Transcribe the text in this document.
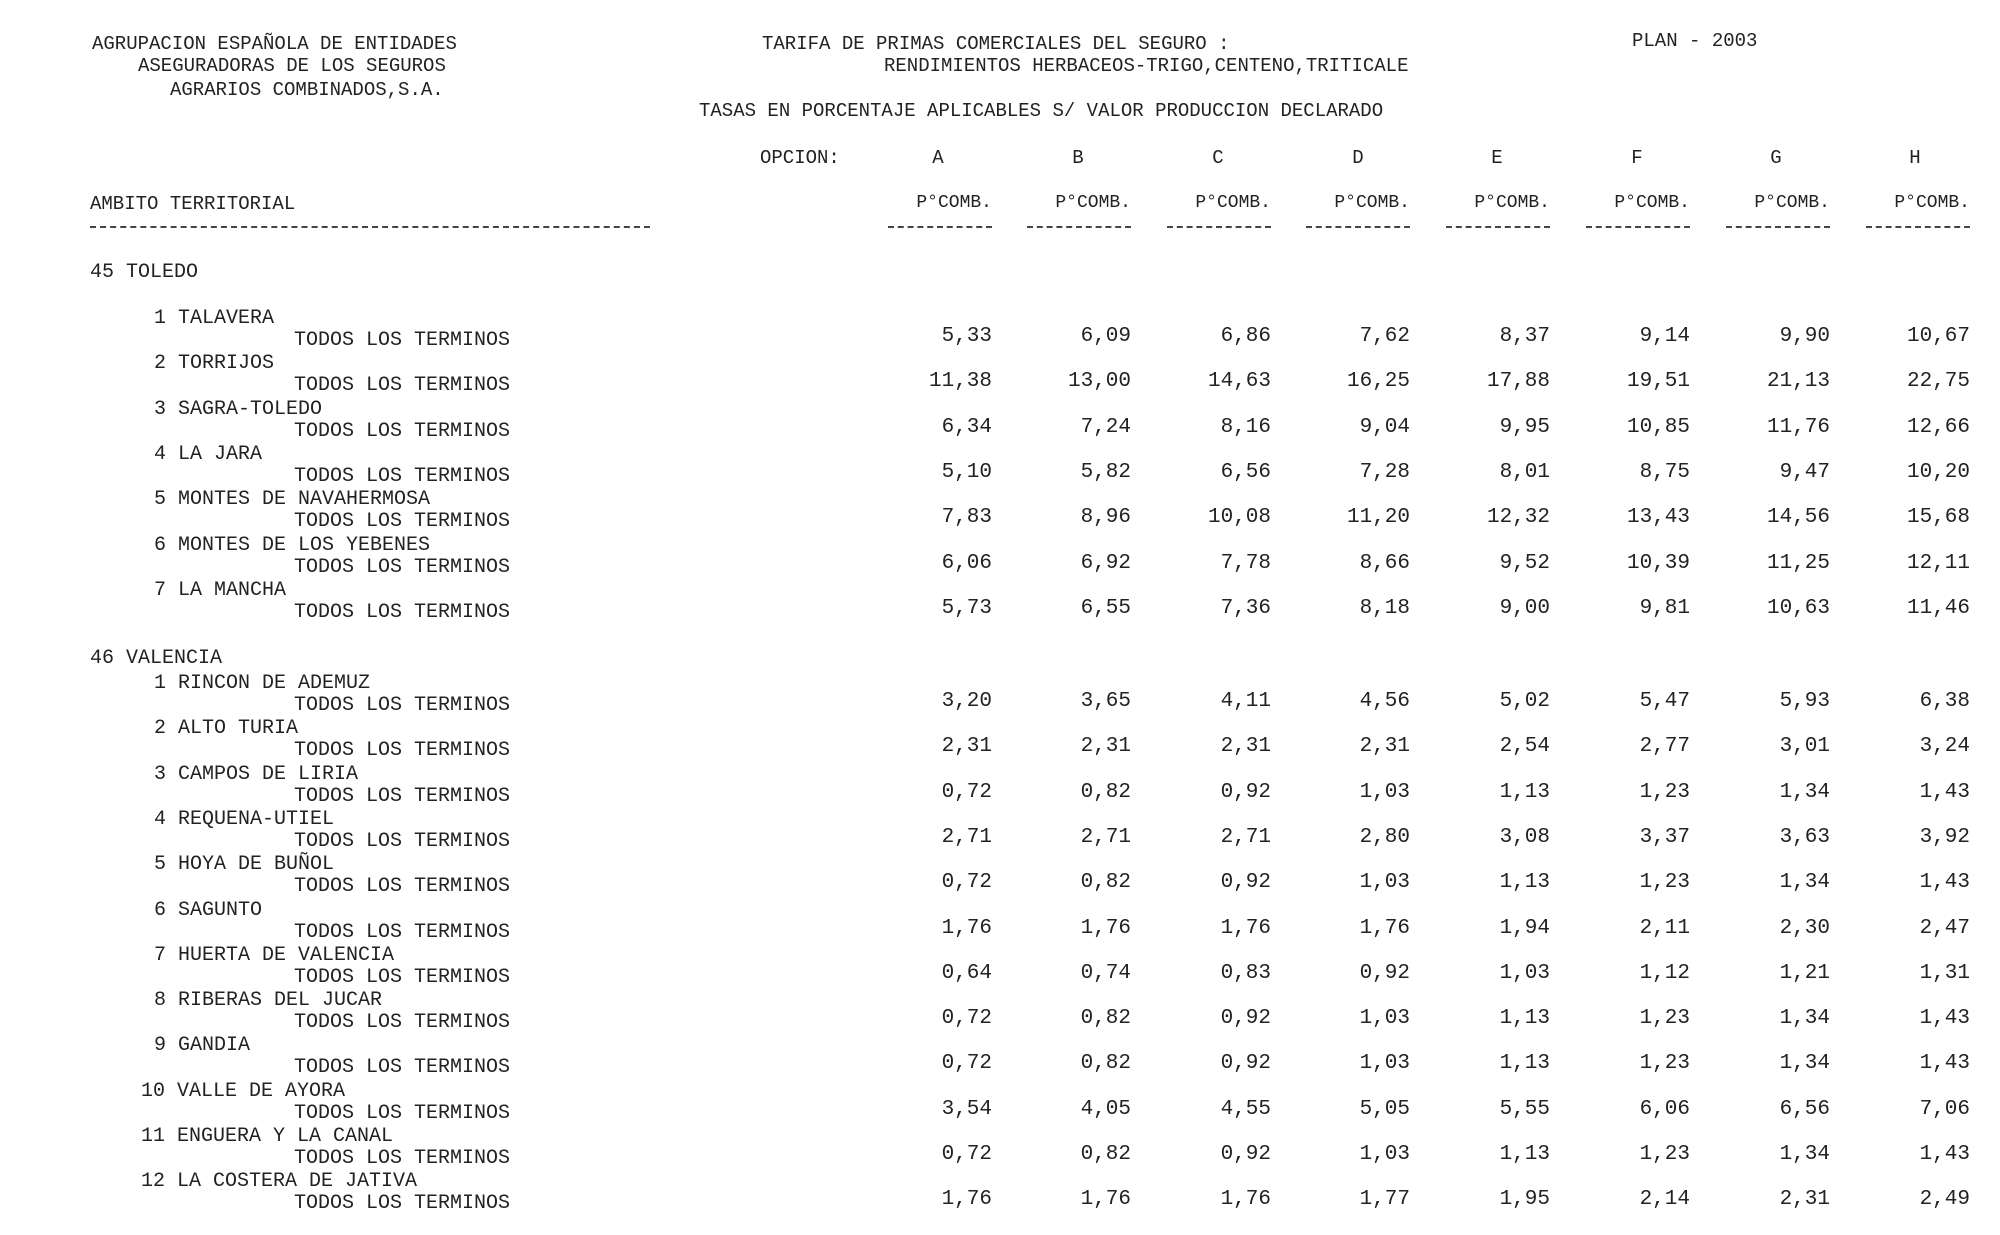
AGRUPACION ESPAÑOLA DE ENTIDADES
ASEGURADORAS DE LOS SEGUROS
AGRARIOS COMBINADOS,S.A.
TARIFA DE PRIMAS COMERCIALES DEL SEGURO :
RENDIMIENTOS HERBACEOS-TRIGO,CENTENO,TRITICALE
PLAN - 2003
TASAS EN PORCENTAJE APLICABLES S/ VALOR PRODUCCION DECLARADO
OPCION:	A	B	C	D	E	F	G	H
AMBITO TERRITORIAL	P°COMB.	P°COMB.	P°COMB.	P°COMB.	P°COMB.	P°COMB.	P°COMB.	P°COMB.
45 TOLEDO
1 TALAVERA
TODOS LOS TERMINOS	5,33	6,09	6,86	7,62	8,37	9,14	9,90	10,67
2 TORRIJOS
TODOS LOS TERMINOS	11,38	13,00	14,63	16,25	17,88	19,51	21,13	22,75
3 SAGRA-TOLEDO
TODOS LOS TERMINOS	6,34	7,24	8,16	9,04	9,95	10,85	11,76	12,66
4 LA JARA
TODOS LOS TERMINOS	5,10	5,82	6,56	7,28	8,01	8,75	9,47	10,20
5 MONTES DE NAVAHERMOSA
TODOS LOS TERMINOS	7,83	8,96	10,08	11,20	12,32	13,43	14,56	15,68
6 MONTES DE LOS YEBENES
TODOS LOS TERMINOS	6,06	6,92	7,78	8,66	9,52	10,39	11,25	12,11
7 LA MANCHA
TODOS LOS TERMINOS	5,73	6,55	7,36	8,18	9,00	9,81	10,63	11,46
46 VALENCIA
1 RINCON DE ADEMUZ
TODOS LOS TERMINOS	3,20	3,65	4,11	4,56	5,02	5,47	5,93	6,38
2 ALTO TURIA
TODOS LOS TERMINOS	2,31	2,31	2,31	2,31	2,54	2,77	3,01	3,24
3 CAMPOS DE LIRIA
TODOS LOS TERMINOS	0,72	0,82	0,92	1,03	1,13	1,23	1,34	1,43
4 REQUENA-UTIEL
TODOS LOS TERMINOS	2,71	2,71	2,71	2,80	3,08	3,37	3,63	3,92
5 HOYA DE BUÑOL
TODOS LOS TERMINOS	0,72	0,82	0,92	1,03	1,13	1,23	1,34	1,43
6 SAGUNTO
TODOS LOS TERMINOS	1,76	1,76	1,76	1,76	1,94	2,11	2,30	2,47
7 HUERTA DE VALENCIA
TODOS LOS TERMINOS	0,64	0,74	0,83	0,92	1,03	1,12	1,21	1,31
8 RIBERAS DEL JUCAR
TODOS LOS TERMINOS	0,72	0,82	0,92	1,03	1,13	1,23	1,34	1,43
9 GANDIA
TODOS LOS TERMINOS	0,72	0,82	0,92	1,03	1,13	1,23	1,34	1,43
10 VALLE DE AYORA
TODOS LOS TERMINOS	3,54	4,05	4,55	5,05	5,55	6,06	6,56	7,06
11 ENGUERA Y LA CANAL
TODOS LOS TERMINOS	0,72	0,82	0,92	1,03	1,13	1,23	1,34	1,43
12 LA COSTERA DE JATIVA
TODOS LOS TERMINOS	1,76	1,76	1,76	1,77	1,95	2,14	2,31	2,49
